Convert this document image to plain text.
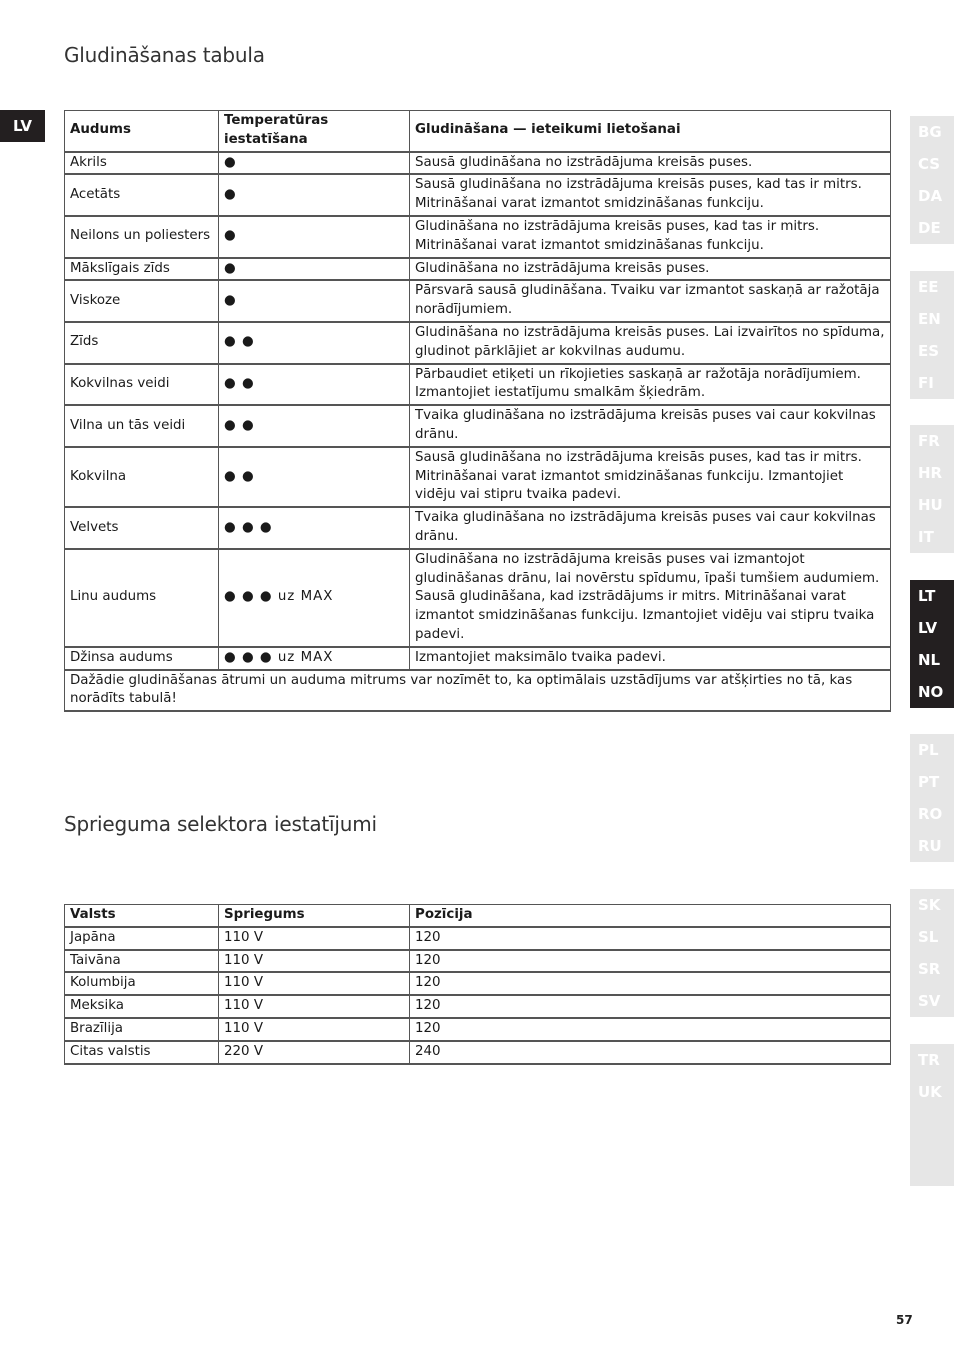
LV
Gludināšanas tabula
Audums	Temperatūras iestatīšana	Gludināšana — ieteikumi lietošanai
Akrils	●	Sausā gludināšana no izstrādājuma kreisās puses.
Acetāts	●	Sausā gludināšana no izstrādājuma kreisās puses, kad tas ir mitrs. Mitrināšanai varat izmantot smidzināšanas funkciju.
Neilons un poliesters	●	Gludināšana no izstrādājuma kreisās puses, kad tas ir mitrs. Mitrināšanai varat izmantot smidzināšanas funkciju.
Mākslīgais zīds	●	Gludināšana no izstrādājuma kreisās puses.
Viskoze	●	Pārsvarā sausā gludināšana. Tvaiku var izmantot saskaņā ar ražotāja norādījumiem.
Zīds	● ●	Gludināšana no izstrādājuma kreisās puses. Lai izvairītos no spīduma, gludinot pārklājiet ar kokvilnas audumu.
Kokvilnas veidi	● ●	Pārbaudiet etiķeti un rīkojieties saskaņā ar ražotāja norādījumiem. Izmantojiet iestatījumu smalkām šķiedrām.
Vilna un tās veidi	● ●	Tvaika gludināšana no izstrādājuma kreisās puses vai caur kokvilnas drānu.
Kokvilna	● ●	Sausā gludināšana no izstrādājuma kreisās puses, kad tas ir mitrs. Mitrināšanai varat izmantot smidzināšanas funkciju. Izmantojiet vidēju vai stipru tvaika padevi.
Velvets	● ● ●	Tvaika gludināšana no izstrādājuma kreisās puses vai caur kokvilnas drānu.
Linu audums	● ● ● uz MAX	Gludināšana no izstrādājuma kreisās puses vai izmantojot gludināšanas drānu, lai novērstu spīdumu, īpaši tumšiem audumiem. Sausā gludināšana, kad izstrādājums ir mitrs. Mitrināšanai varat izmantot smidzināšanas funkciju. Izmantojiet vidēju vai stipru tvaika padevi.
Džinsa audums	● ● ● uz MAX	Izmantojiet maksimālo tvaika padevi.
Dažādie gludināšanas ātrumi un auduma mitrums var nozīmēt to, ka optimālais uzstādījums var atšķirties no tā, kas norādīts tabulā!		
Sprieguma selektora iestatījumi
Valsts	Spriegums	Pozīcija
Japāna	110 V	120
Taivāna	110 V	120
Kolumbija	110 V	120
Meksika	110 V	120
Brazīlija	110 V	120
Citas valstis	220 V	240
BG
CS
DA
DE
EE
EN
ES
FI
FR
HR
HU
IT
LT
LV
NL
NO
PL
PT
RO
RU
SK
SL
SR
SV
TR
UK
57
